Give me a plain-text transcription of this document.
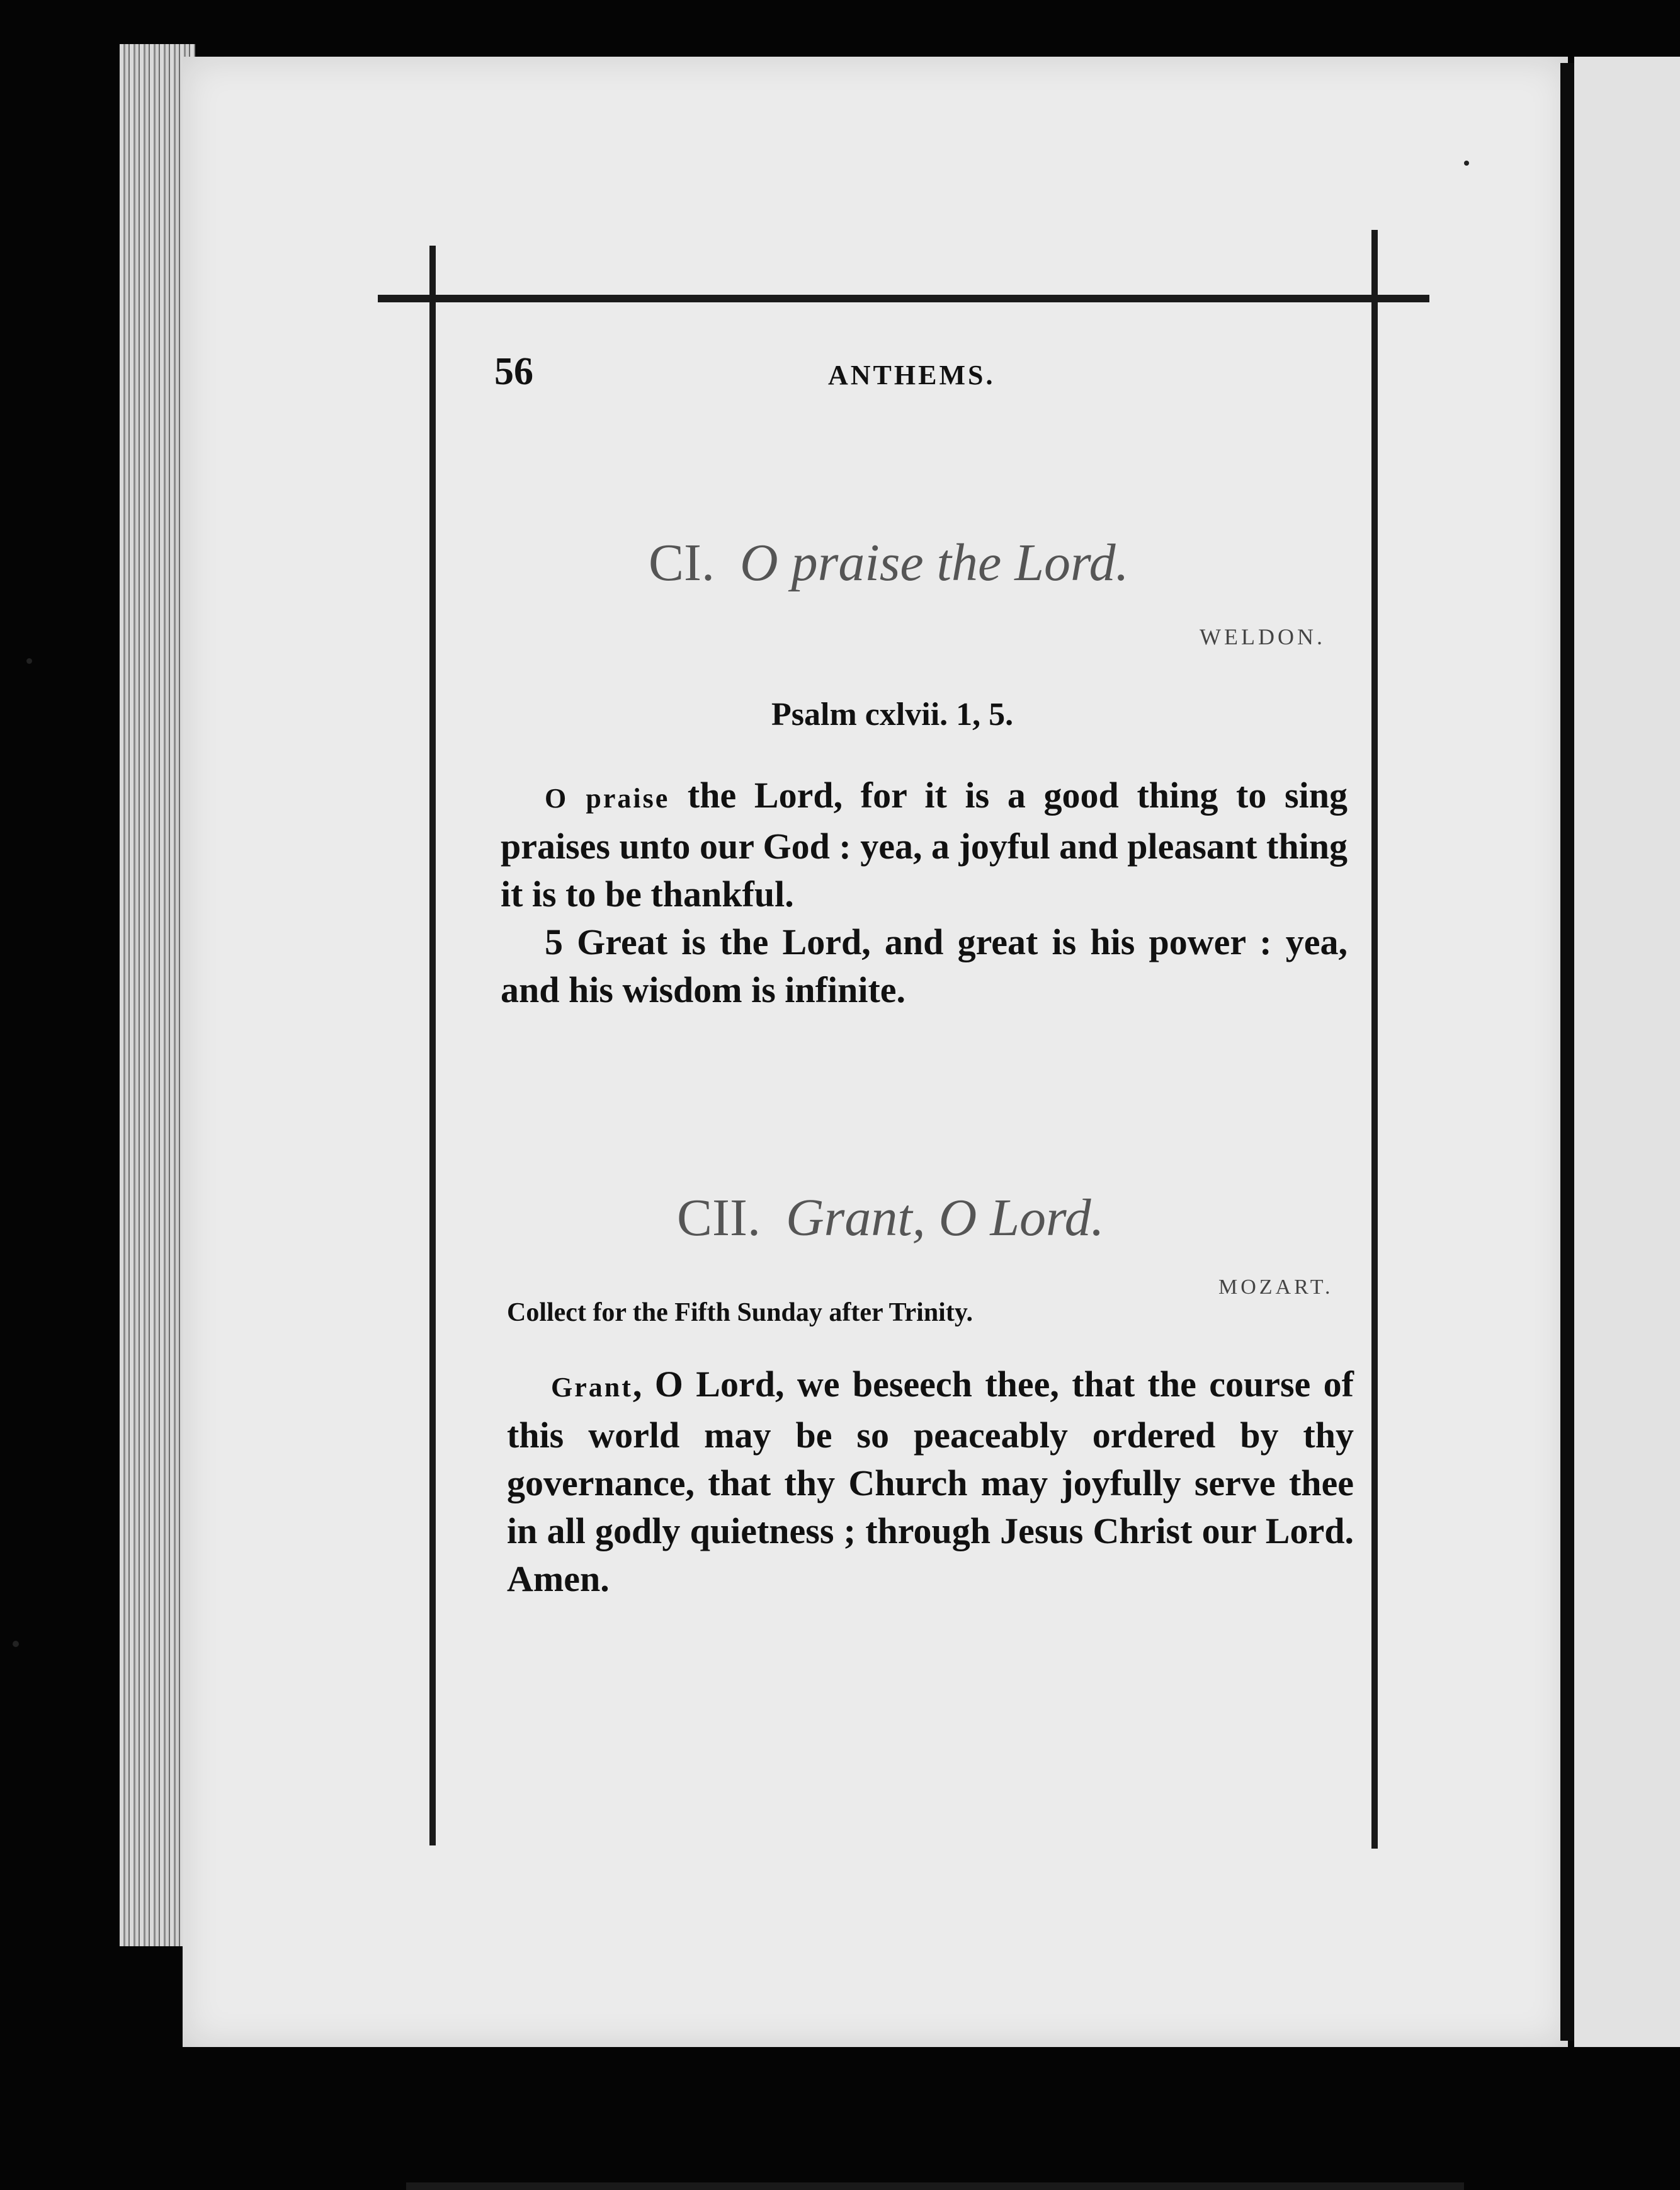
56	ANTHEMS.
CI. O praise the Lord.
WELDON.
Psalm cxlvii. 1, 5.

O praise the Lord, for it is a good thing to sing praises unto our God : yea, a joyful and pleasant thing it is to be thankful.

5 Great is the Lord, and great is his power : yea, and his wisdom is infinite.

CII. Grant, O Lord.
MOZART.
Collect for the Fifth Sunday after Trinity.

Grant, O Lord, we beseech thee, that the course of this world may be so peaceably ordered by thy governance, that thy Church may joyfully serve thee in all godly quietness ; through Jesus Christ our Lord. Amen.
